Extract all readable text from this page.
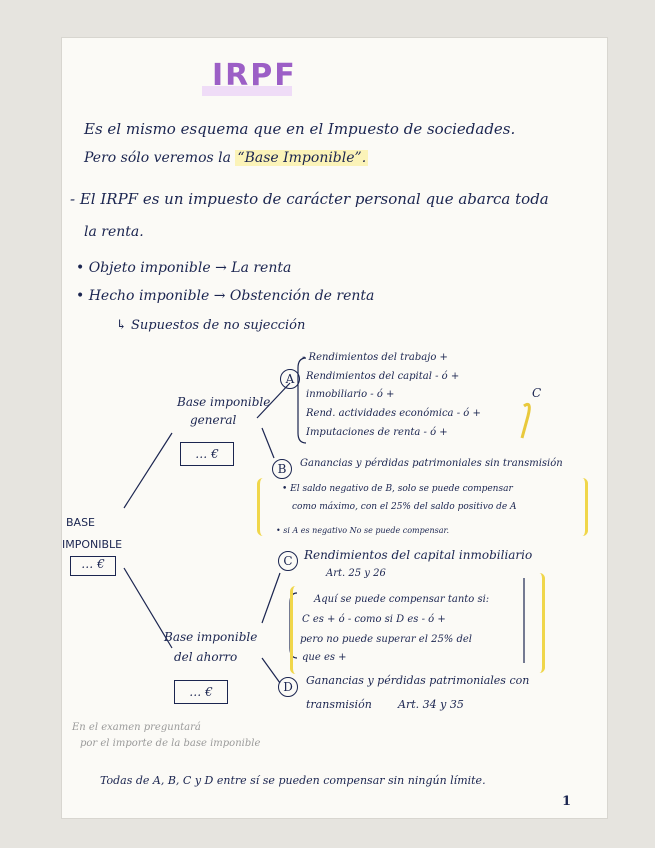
IRPF
Es el mismo esquema que en el Impuesto de sociedades.
Pero sólo veremos la “Base Imponible”.
- El IRPF es un impuesto de carácter personal que abarca toda
la renta.
• Objeto imponible → La renta
• Hecho imponible → Obstención de renta
↳ Supuestos de no sujección
BASE
IMPONIBLE
… €
Base imponible
general
… €
Base imponible
del ahorro
… €
A
- Rendimientos del trabajo +
Rendimientos del capital - ó +
inmobiliario - ó +
Rend. actividades económica - ó +
Imputaciones de renta - ó +
B	Ganancias y pérdidas patrimoniales sin transmisión
• El saldo negativo de B, solo se puede compensar
como máximo, con el 25% del saldo positivo de A
• si A es negativo No se puede compensar.
C Rendimientos del capital inmobiliario
Art. 25 y 26
Aquí se puede compensar tanto si:
C es + ó - como si D es - ó +
pero no puede superar el 25% del
que es +
D	Ganancias y pérdidas patrimoniales con
transmisión Art. 34 y 35
C
En el examen preguntará
por el importe de la base imponible
Todas de A, B, C y D entre sí se pueden compensar sin ningún límite.
1
